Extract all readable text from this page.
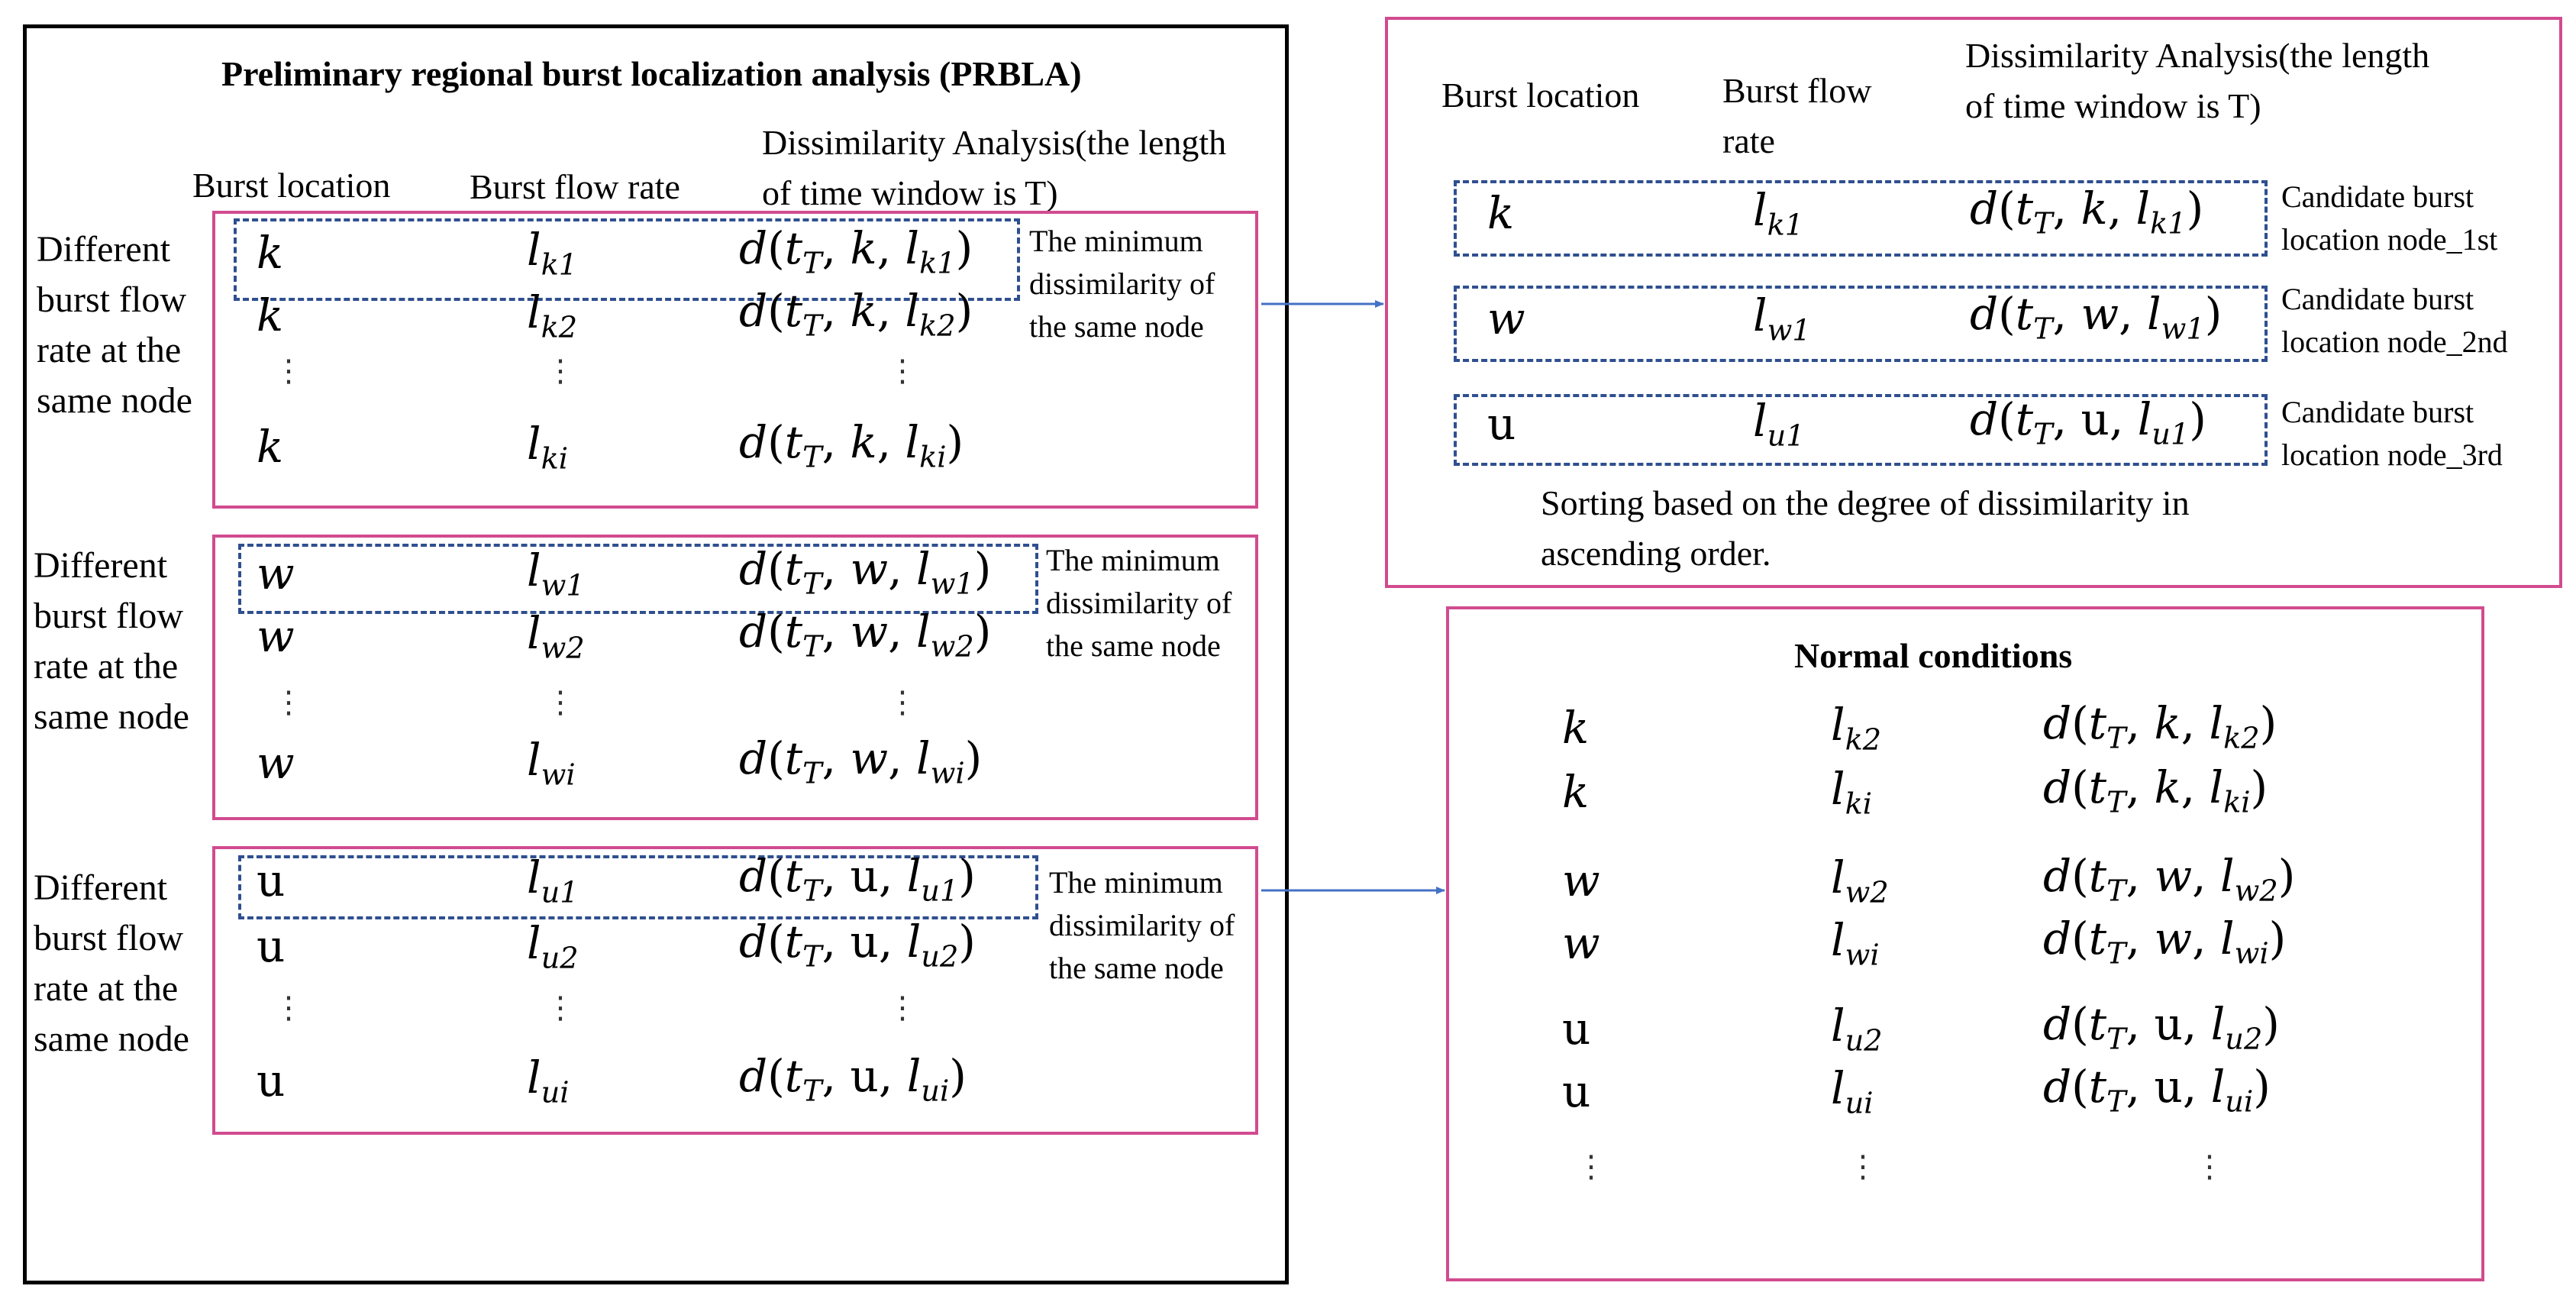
Preliminary regional burst localization analysis (PRBLA)
Burst location Burst flow rate
Dissimilarity Analysis(the length of time window is T)
Different burst flow rate at the same node
The minimum dissimilarity of the same node
Different burst flow rate at the same node
The minimum dissimilarity of the same node
Different burst flow rate at the same node
The minimum dissimilarity of the same node
Burst location Burst flow rate
Dissimilarity Analysis(the length of time window is T)
Candidate burst location node_1st
Candidate burst location node_2nd
Candidate burst location node_3rd
Sorting based on the degree of dissimilarity in ascending order.
Normal conditions
k	$l_{k1}$	$d(t_T$, k, $l_{k1}$)
k	$l_{k2}$	$d(t_T$, k, $l_{k2}$)
k	$l_{ki}$	$d(t_T$, k, $l_{ki}$)
⋮	⋮	⋮
w	$l_{w1}$	$d(t_T$, w, $l_{w1}$)
w	$l_{w2}$	$d(t_T$, w, $l_{w2}$)
w	$l_{wi}$	$d(t_T$, w, $l_{wi}$)
⋮	⋮	⋮
u	$l_{u1}$	$d(t_T$, u, $l_{u1}$)
u	$l_{u2}$	$d(t_T$, u, $l_{u2}$)
u	$l_{ui}$	$d(t_T$, u, $l_{ui}$)
⋮	⋮	⋮
k	$l_{k1}$	$d(t_T$, k, $l_{k1}$)
w	$l_{w1}$	$d(t_T$, w, $l_{w1}$)
u	$l_{u1}$	$d(t_T$, u, $l_{u1}$)
k	$l_{k2}$	$d(t_T$, k, $l_{k2}$)
k	$l_{ki}$	$d(t_T$, k, $l_{ki}$)
w	$l_{w2}$	$d(t_T$, w, $l_{w2}$)
w	$l_{wi}$	$d(t_T$, w, $l_{wi}$)
u	$l_{u2}$	$d(t_T$, u, $l_{u2}$)
u	$l_{ui}$	$d(t_T$, u, $l_{ui}$)
⋮	⋮	⋮
